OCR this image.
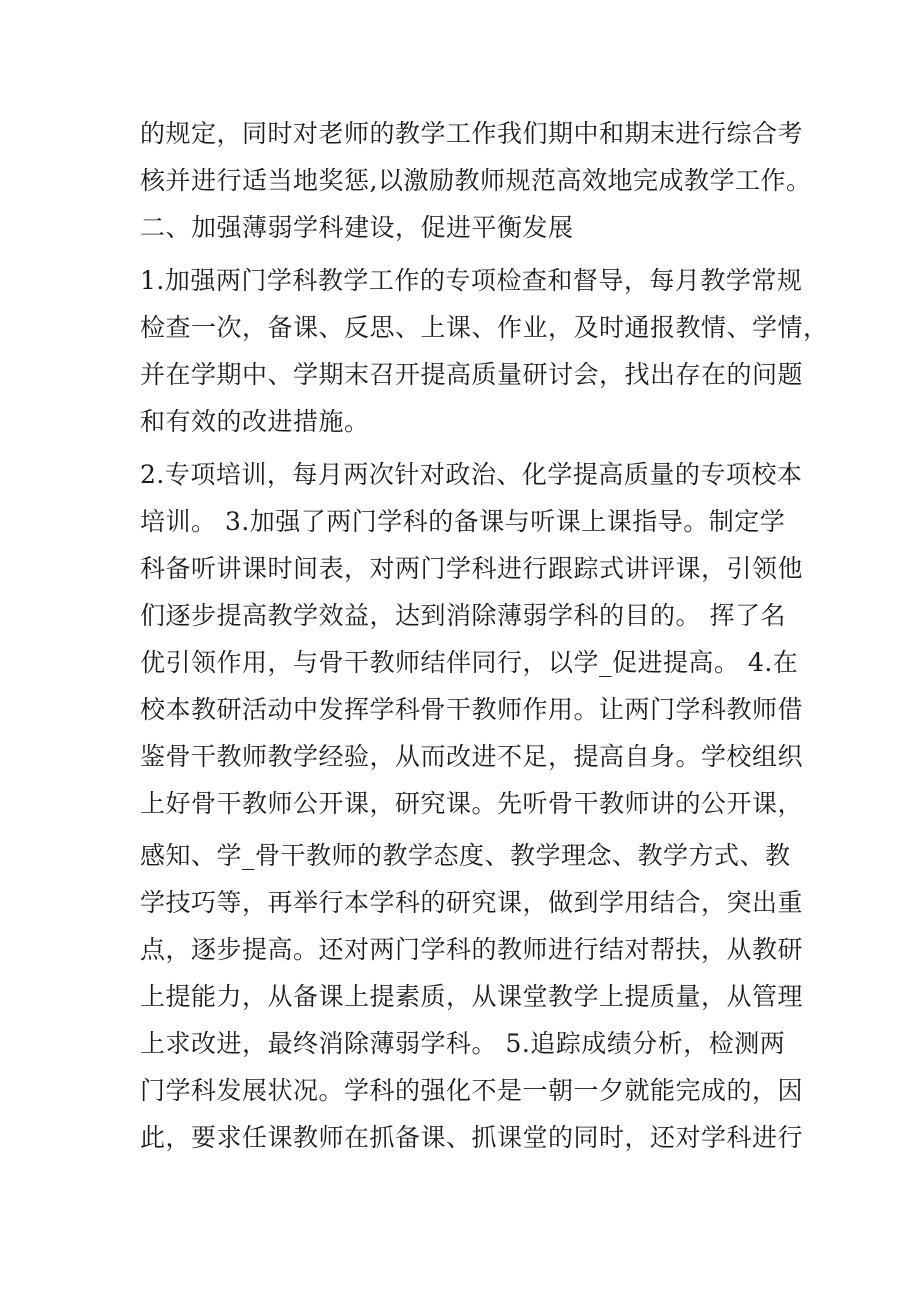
的规定，同时对老师的教学工作我们期中和期末进行综合考
核并进行适当地奖惩,以激励教师规范高效地完成教学工作。
二、加强薄弱学科建设，促进平衡发展
1.加强两门学科教学工作的专项检查和督导，每月教学常规
检查一次，备课、反思、上课、作业，及时通报教情、学情，
并在学期中、学期末召开提高质量研讨会，找出存在的问题
和有效的改进措施。
2.专项培训，每月两次针对政治、化学提高质量的专项校本
培训。 3.加强了两门学科的备课与听课上课指导。制定学
科备听讲课时间表，对两门学科进行跟踪式讲评课，引领他
们逐步提高教学效益，达到消除薄弱学科的目的。 挥了名
优引领作用，与骨干教师结伴同行，以学_促进提高。 4.在
校本教研活动中发挥学科骨干教师作用。让两门学科教师借
鉴骨干教师教学经验，从而改进不足，提高自身。学校组织
上好骨干教师公开课，研究课。先听骨干教师讲的公开课，
感知、学_骨干教师的教学态度、教学理念、教学方式、教
学技巧等，再举行本学科的研究课，做到学用结合，突出重
点，逐步提高。还对两门学科的教师进行结对帮扶，从教研
上提能力，从备课上提素质，从课堂教学上提质量，从管理
上求改进，最终消除薄弱学科。 5.追踪成绩分析，检测两
门学科发展状况。学科的强化不是一朝一夕就能完成的，因
此，要求任课教师在抓备课、抓课堂的同时，还对学科进行
